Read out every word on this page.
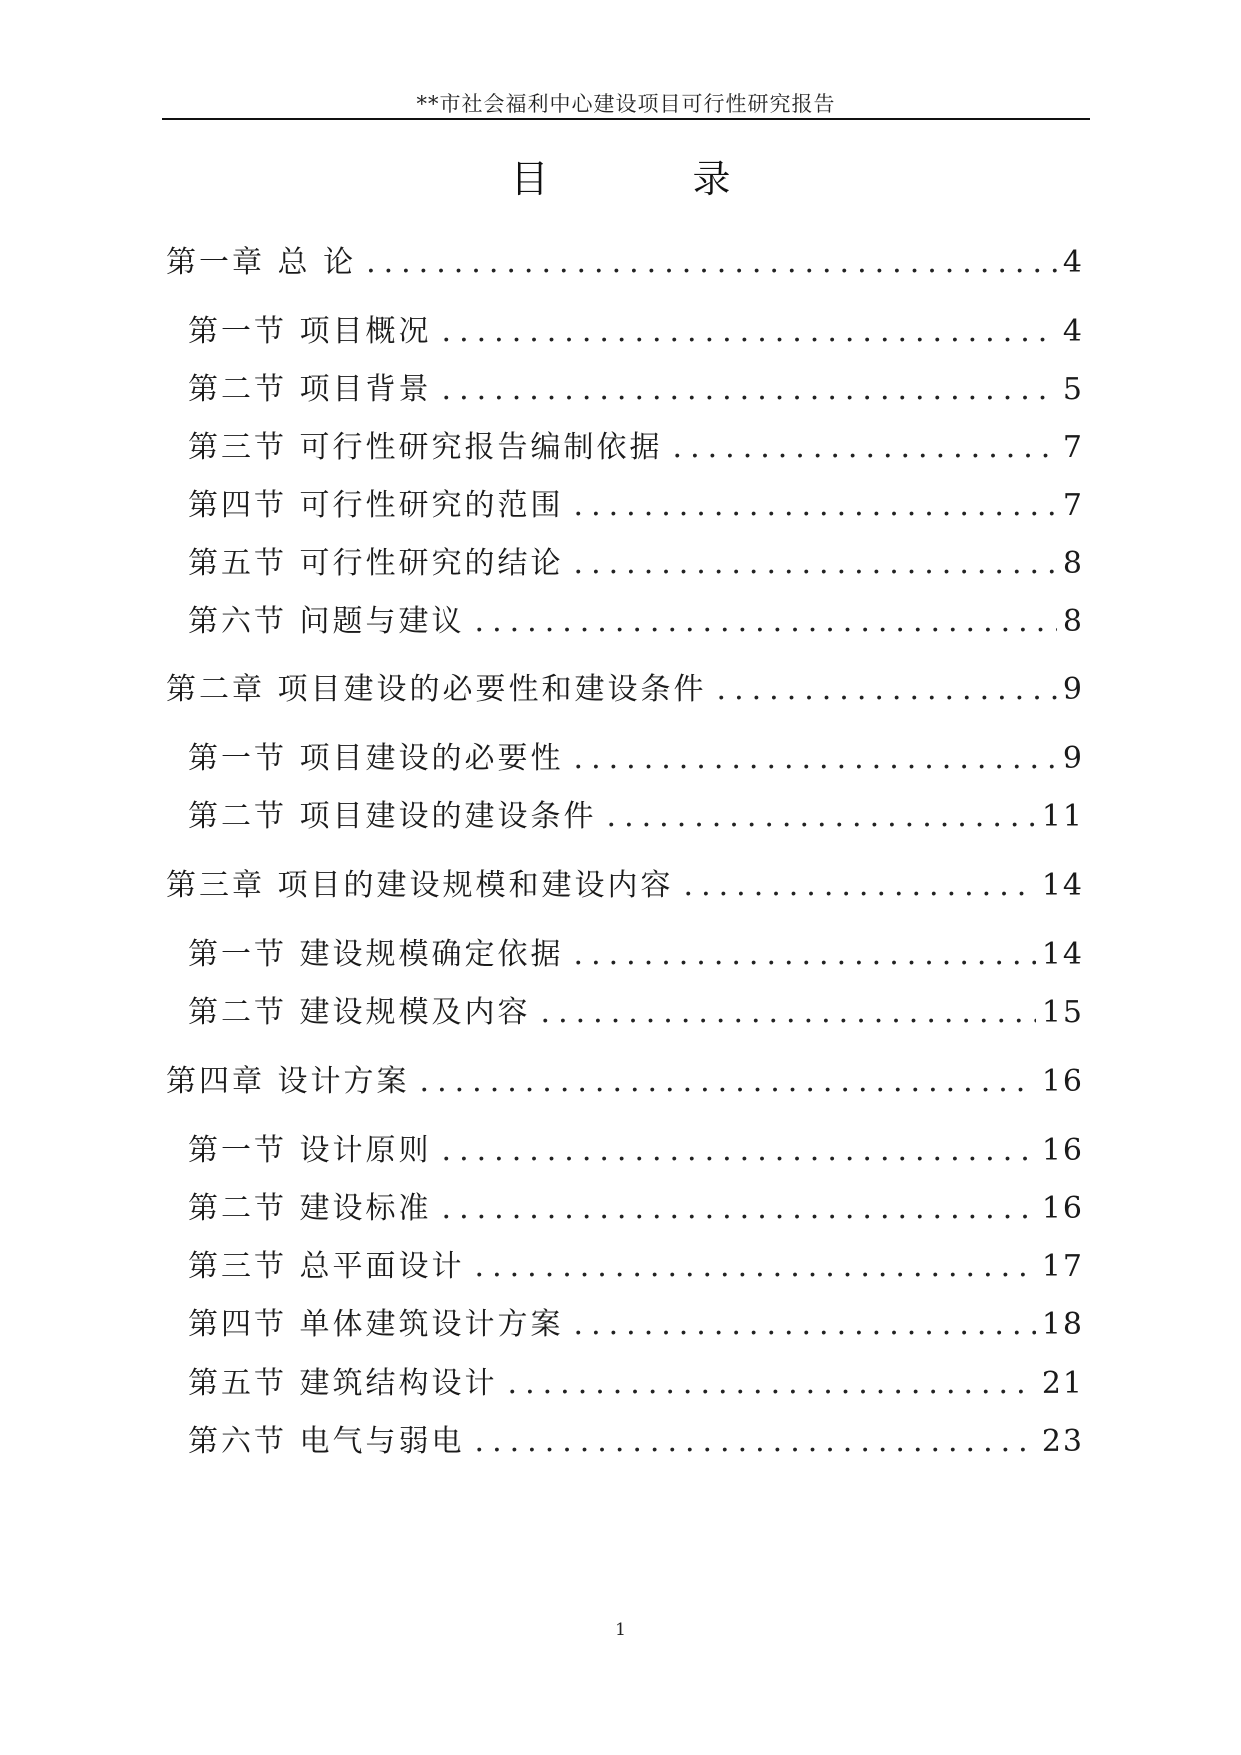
**市社会福利中心建设项目可行性研究报告
目 录
第一章 总 论 .....	4
第一节 项目概况 .....	4
第二节 项目背景 .....	5
第三节 可行性研究报告编制依据 .....	7
第四节 可行性研究的范围 .....	7
第五节 可行性研究的结论 .....	8
第六节 问题与建议 .....	8
第二章 项目建设的必要性和建设条件 .....	9
第一节 项目建设的必要性 .....	9
第二节 项目建设的建设条件 .....	11
第三章 项目的建设规模和建设内容 .....	14
第一节 建设规模确定依据 .....	14
第二节 建设规模及内容 .....	15
第四章 设计方案 .....	16
第一节 设计原则 .....	16
第二节 建设标准 .....	16
第三节 总平面设计 .....	17
第四节 单体建筑设计方案 .....	18
第五节 建筑结构设计 .....	21
第六节 电气与弱电 .....	23
1
